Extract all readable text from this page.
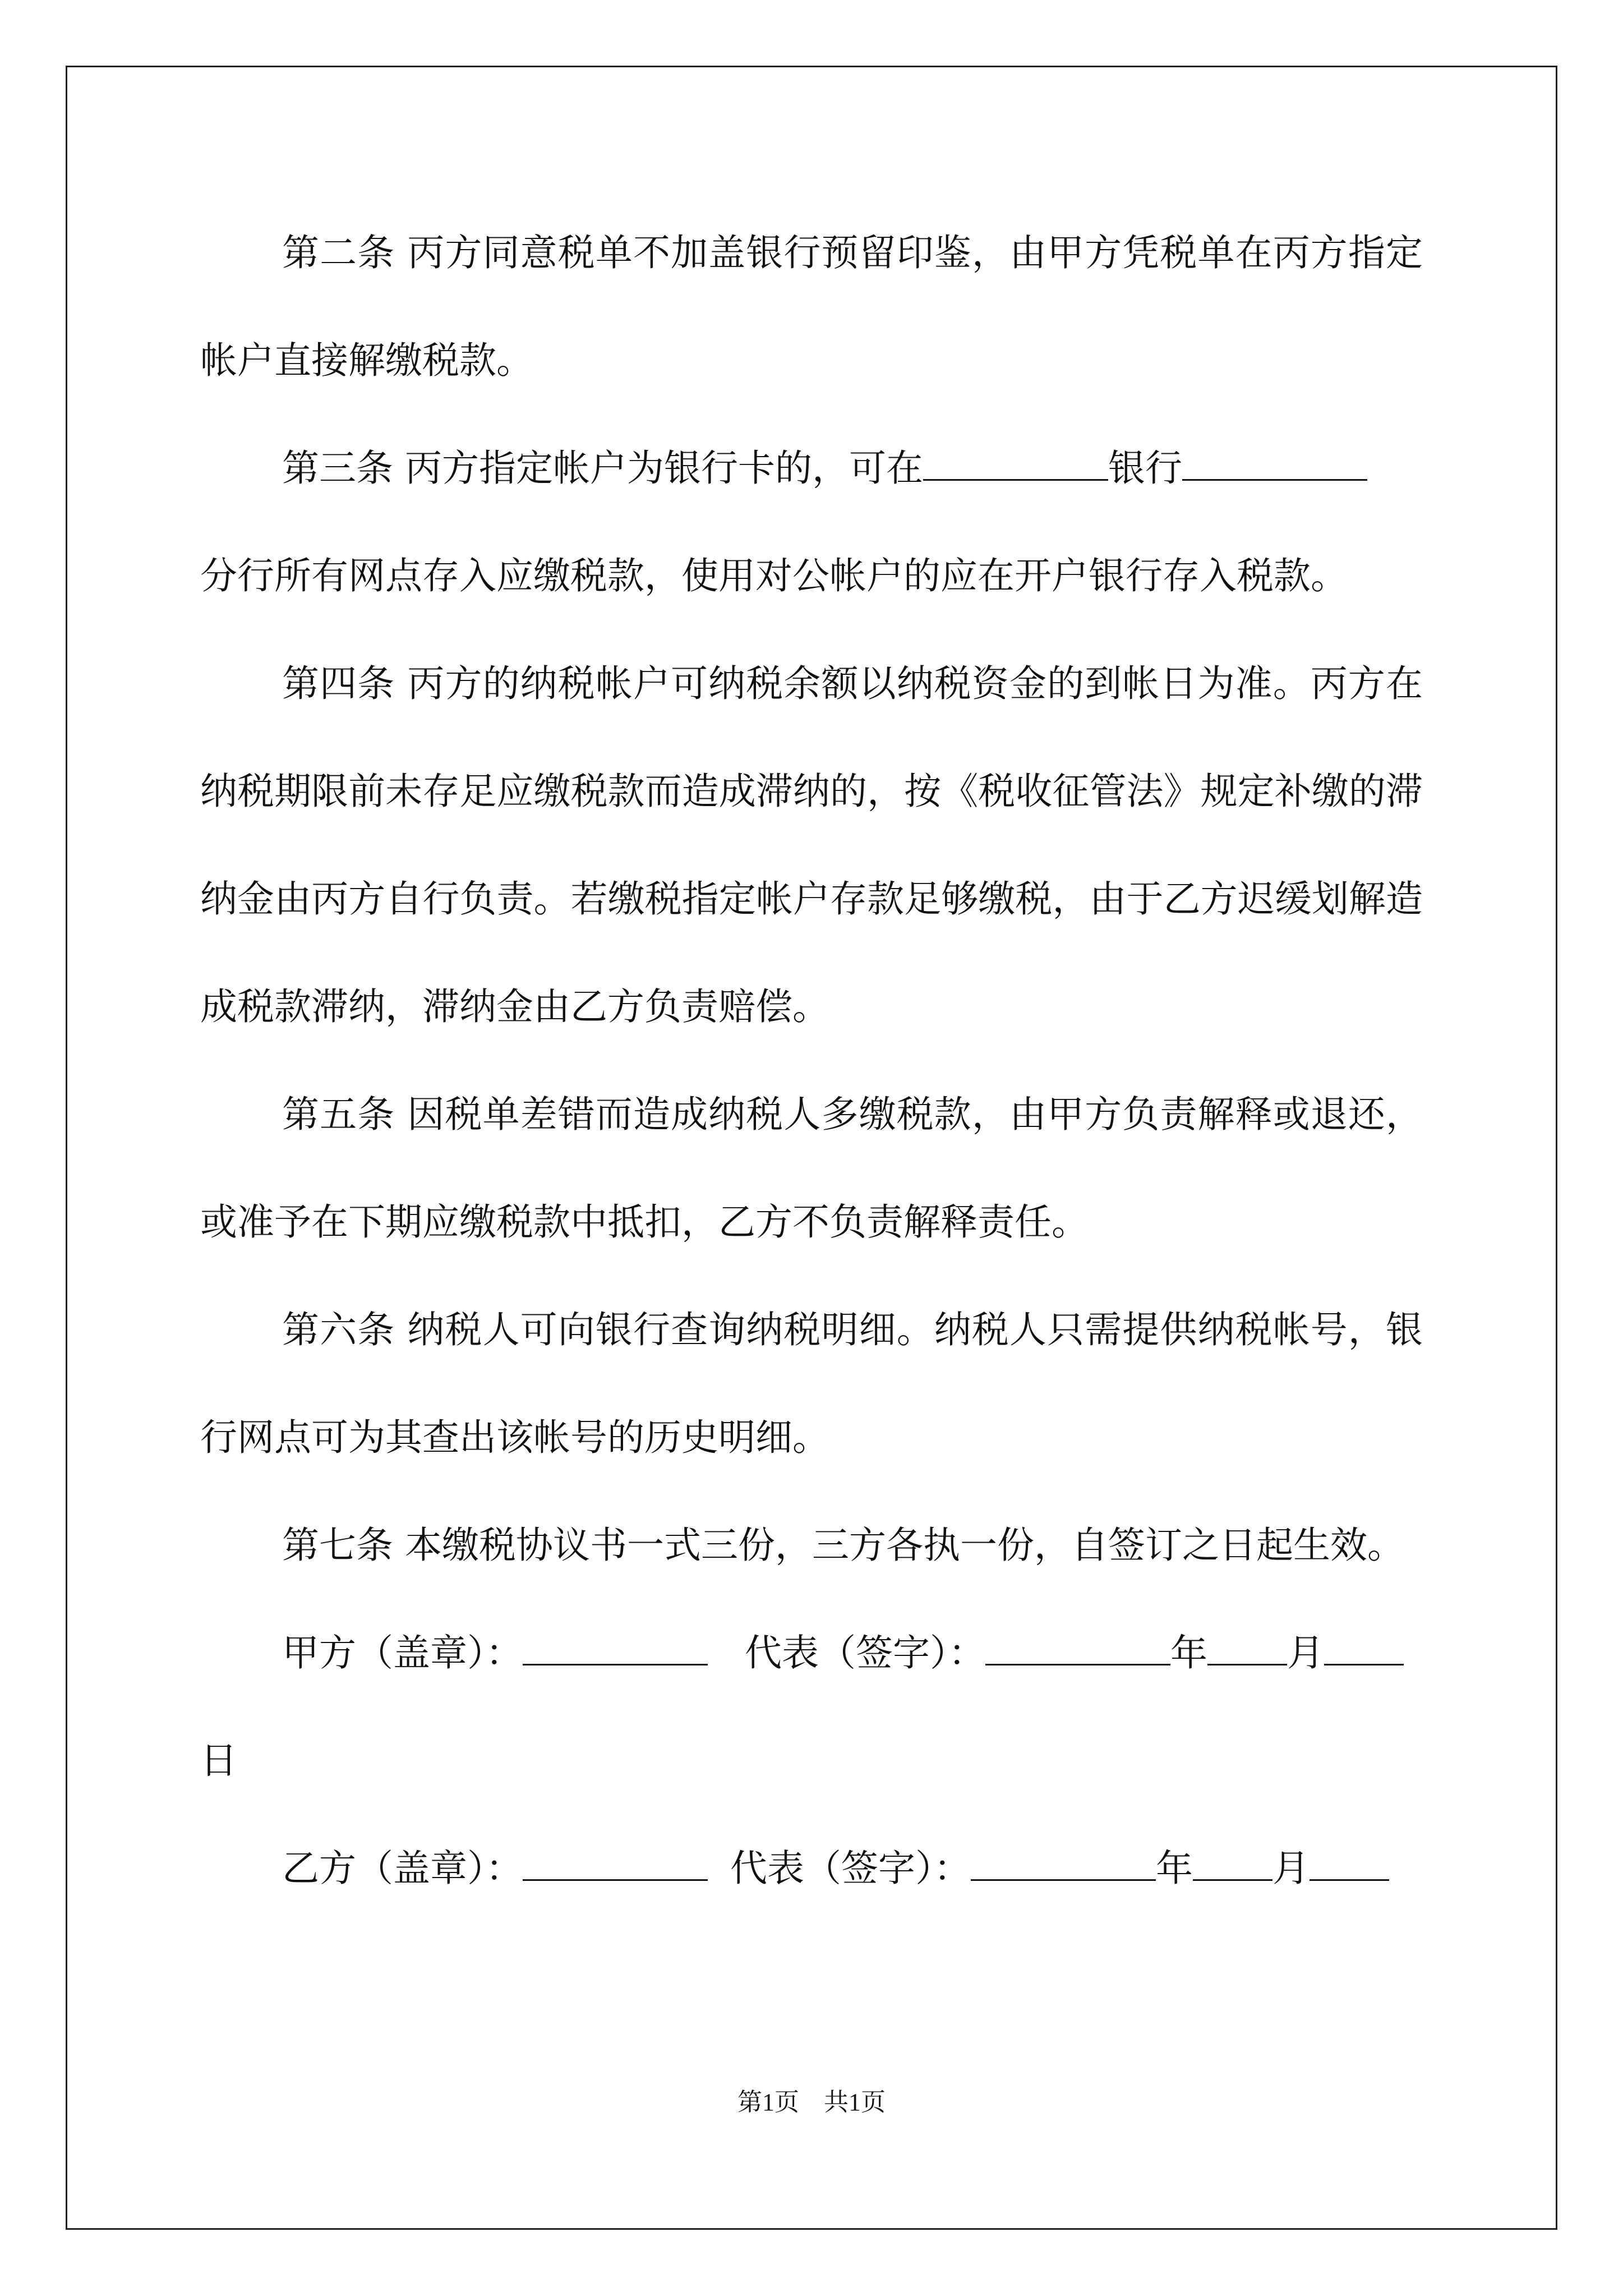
第二条 丙方同意税单不加盖银行预留印鉴，由甲方凭税单在丙方指定帐户直接解缴税款。

第三条 丙方指定帐户为银行卡的，可在	银行

分行所有网点存入应缴税款，使用对公帐户的应在开户银行存入税款。

第四条 丙方的纳税帐户可纳税余额以纳税资金的到帐日为准。丙方在纳税期限前未存足应缴税款而造成滞纳的，按《税收征管法》规定补缴的滞纳金由丙方自行负责。若缴税指定帐户存款足够缴税，由于乙方迟缓划解造成税款滞纳，滞纳金由乙方负责赔偿。

第五条 因税单差错而造成纳税人多缴税款，由甲方负责解释或退还，或准予在下期应缴税款中抵扣，乙方不负责解释责任。

第六条 纳税人可向银行查询纳税明细。纳税人只需提供纳税帐号，银行网点可为其查出该帐号的历史明细。

第七条 本缴税协议书一式三份，三方各执一份，自签订之日起生效。

甲方（盖章）：	代表（签字）：	年 月

日

乙方（盖章）：	代表（签字）：	年 月

第1页　共1页
